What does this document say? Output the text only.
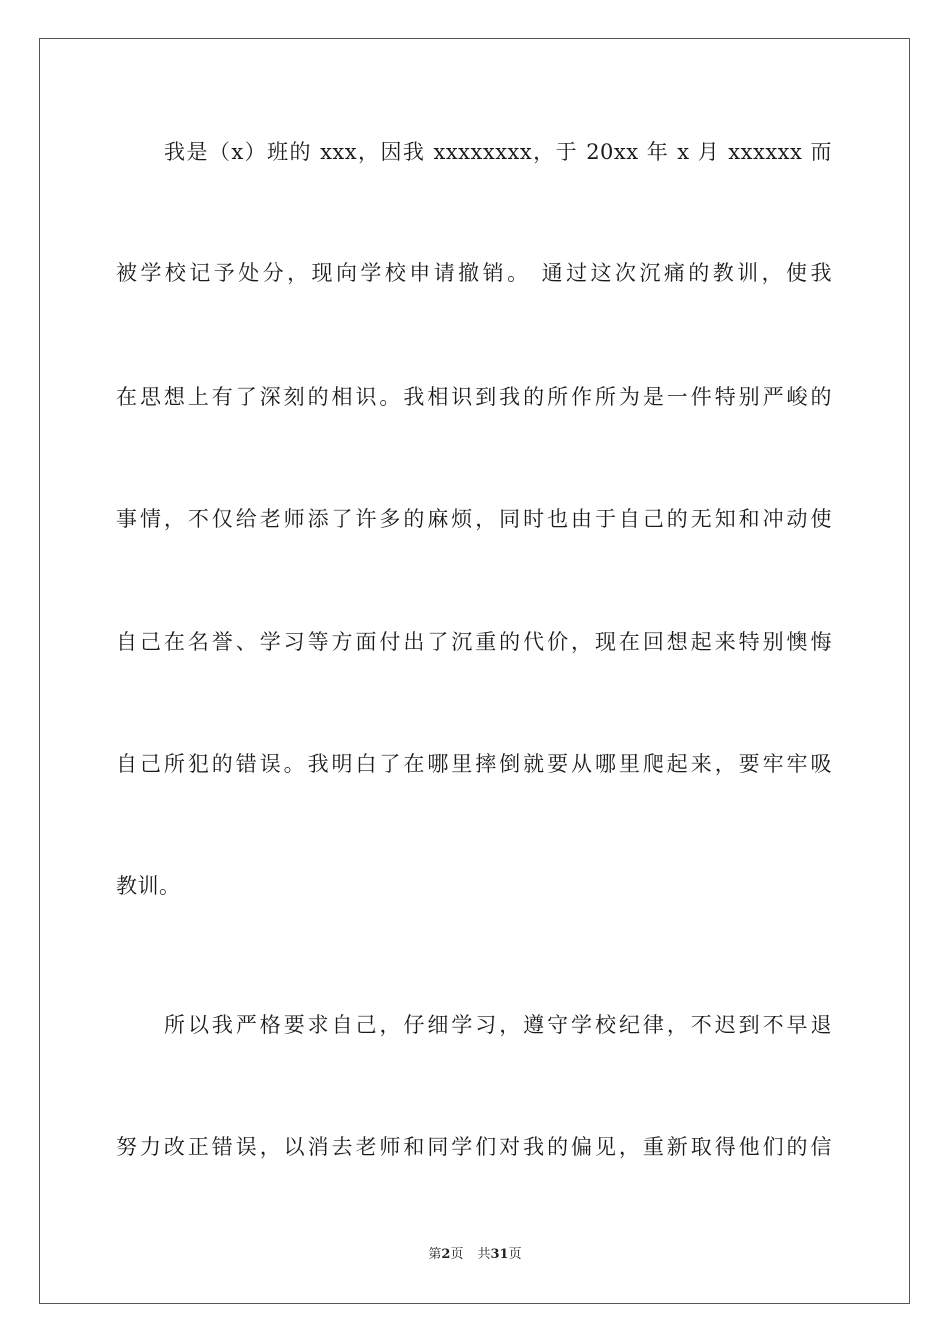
我是（x）班的 xxx，因我 xxxxxxxx，于 20xx 年 x 月 xxxxxx 而
被学校记予处分，现向学校申请撤销。 通过这次沉痛的教训，使我
在思想上有了深刻的相识。我相识到我的所作所为是一件特别严峻的
事情，不仅给老师添了许多的麻烦，同时也由于自己的无知和冲动使
自己在名誉、学习等方面付出了沉重的代价，现在回想起来特别懊悔
自己所犯的错误。我明白了在哪里摔倒就要从哪里爬起来，要牢牢吸
教训。
所以我严格要求自己，仔细学习，遵守学校纪律，不迟到不早退
努力改正错误，以消去老师和同学们对我的偏见，重新取得他们的信
第2页 共31页
